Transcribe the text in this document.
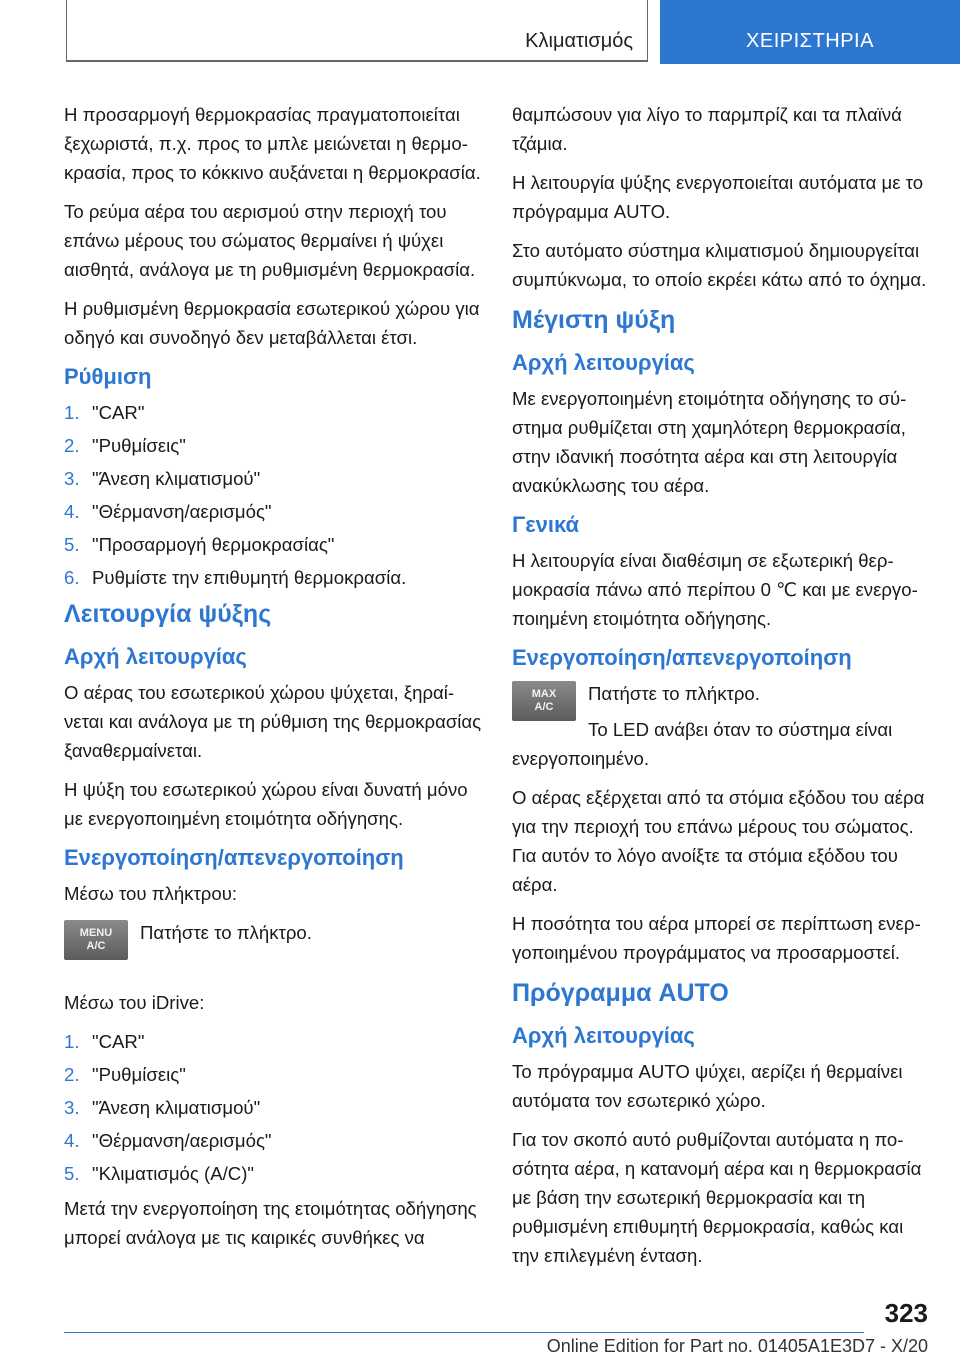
Κλιματισμός	ΧΕΙΡΙΣΤΗΡΙΑ

Η προσαρμογή θερμοκρασίας πραγματοποιείται ξεχωριστά, π.χ. προς το μπλε μειώνεται η θερμοκρασία, προς το κόκκινο αυξάνεται η θερμοκρασία.

Το ρεύμα αέρα του αερισμού στην περιοχή του επάνω μέρους του σώματος θερμαίνει ή ψύχει αισθητά, ανάλογα με τη ρυθμισμένη θερμοκρασία.

Η ρυθμισμένη θερμοκρασία εσωτερικού χώρου για οδηγό και συνοδηγό δεν μεταβάλλεται έτσι.

Ρύθμιση
1. "CAR"
2. "Ρυθμίσεις"
3. "Άνεση κλιματισμού"
4. "Θέρμανση/αερισμός"
5. "Προσαρμογή θερμοκρασίας"
6. Ρυθμίστε την επιθυμητή θερμοκρασία.
Λειτουργία ψύξης
Αρχή λειτουργίας

Ο αέρας του εσωτερικού χώρου ψύχεται, ξηραίνεται και ανάλογα με τη ρύθμιση της θερμοκρασίας ξαναθερμαίνεται.

Η ψύξη του εσωτερικού χώρου είναι δυνατή μόνο με ενεργοποιημένη ετοιμότητα οδήγησης.

Ενεργοποίηση/απενεργοποίηση

Μέσω του πλήκτρου:

MENU
A/C

Πατήστε το πλήκτρο.

Μέσω του iDrive:

1. "CAR"
2. "Ρυθμίσεις"
3. "Άνεση κλιματισμού"
4. "Θέρμανση/αερισμός"
5. "Κλιματισμός (A/C)"

Μετά την ενεργοποίηση της ετοιμότητας οδήγησης μπορεί ανάλογα με τις καιρικές συνθήκες να

θαμπώσουν για λίγο το παρμπρίζ και τα πλαϊνά τζάμια.

Η λειτουργία ψύξης ενεργοποιείται αυτόματα με το πρόγραμμα AUTO.

Στο αυτόματο σύστημα κλιματισμού δημιουργείται συμπύκνωμα, το οποίο εκρέει κάτω από το όχημα.

Μέγιστη ψύξη
Αρχή λειτουργίας

Με ενεργοποιημένη ετοιμότητα οδήγησης το σύστημα ρυθμίζεται στη χαμηλότερη θερμοκρασία, στην ιδανική ποσότητα αέρα και στη λειτουργία ανακύκλωσης του αέρα.

Γενικά

Η λειτουργία είναι διαθέσιμη σε εξωτερική θερμοκρασία πάνω από περίπου 0 ℃ και με ενεργοποιημένη ετοιμότητα οδήγησης.

Ενεργοποίηση/απενεργοποίηση
MAX
A/C

Πατήστε το πλήκτρο.

Το LED ανάβει όταν το σύστημα είναι ενεργοποιημένο.

Ο αέρας εξέρχεται από τα στόμια εξόδου του αέρα για την περιοχή του επάνω μέρους του σώματος. Για αυτόν το λόγο ανοίξτε τα στόμια εξόδου του αέρα.

Η ποσότητα του αέρα μπορεί σε περίπτωση ενεργοποιημένου προγράμματος να προσαρμοστεί.

Πρόγραμμα AUTO
Αρχή λειτουργίας

Το πρόγραμμα AUTO ψύχει, αερίζει ή θερμαίνει αυτόματα τον εσωτερικό χώρο.

Για τον σκοπό αυτό ρυθμίζονται αυτόματα η ποσότητα αέρα, η κατανομή αέρα και η θερμοκρασία με βάση την εσωτερική θερμοκρασία και τη ρυθμισμένη επιθυμητή θερμοκρασία, καθώς και την επιλεγμένη ένταση.

323
Online Edition for Part no. 01405A1E3D7 - X/20
